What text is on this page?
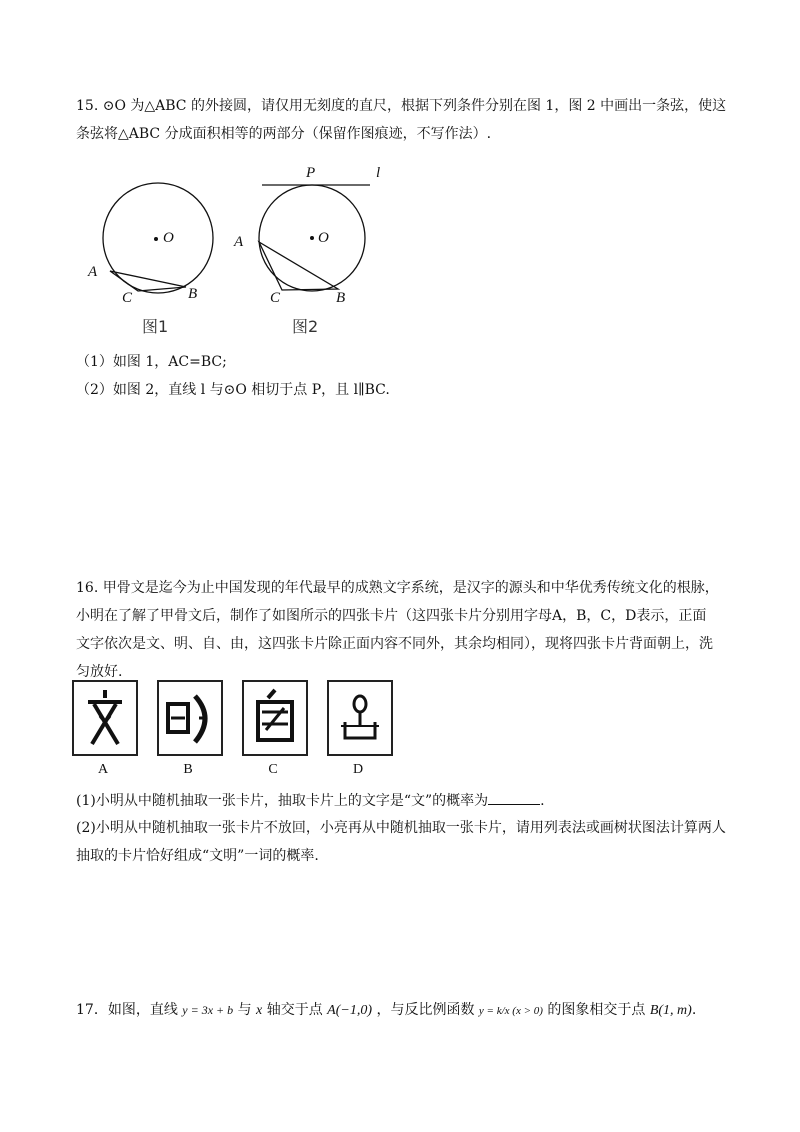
15. ⊙O 为△ABC 的外接圆，请仅用无刻度的直尺，根据下列条件分别在图 1，图 2 中画出一条弦，使这
条弦将△ABC 分成面积相等的两部分（保留作图痕迹，不写作法）.
O
A
C	B
图1
O
P	l
A
C	B
图2
（1）如图 1，AC=BC;
（2）如图 2，直线 l 与⊙O 相切于点 P，且 l∥BC.
16. 甲骨文是迄今为止中国发现的年代最早的成熟文字系统，是汉字的源头和中华优秀传统文化的根脉，
小明在了解了甲骨文后，制作了如图所示的四张卡片（这四张卡片分别用字母A，B，C，D表示，正面
文字依次是文、明、自、由，这四张卡片除正面内容不同外，其余均相同），现将四张卡片背面朝上，洗
匀放好.
A	B	C	D
(1)小明从中随机抽取一张卡片，抽取卡片上的文字是“文”的概率为	.
(2)小明从中随机抽取一张卡片不放回，小亮再从中随机抽取一张卡片，请用列表法或画树状图法计算两人
抽取的卡片恰好组成“文明”一词的概率.
17．如图，直线 y = 3x + b 与 x 轴交于点 A(−1,0) ，与反比例函数 y = k/x (x > 0) 的图象相交于点 B(1, m).
